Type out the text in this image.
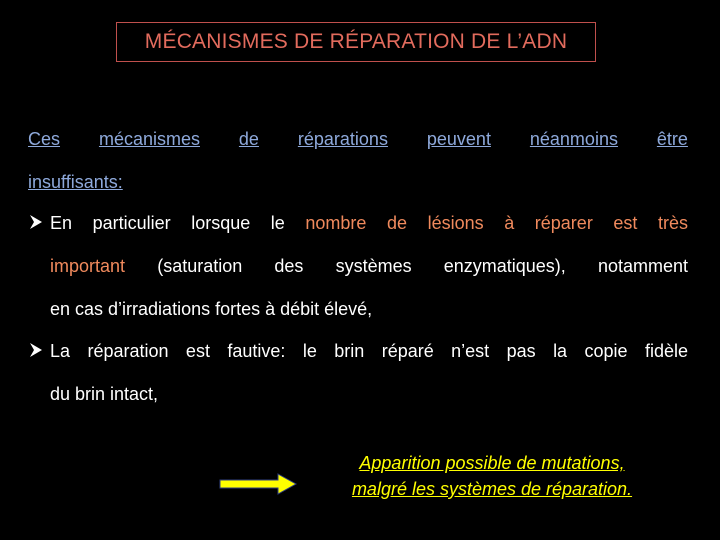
MÉCANISMES DE RÉPARATION DE L’ADN
Ces mécanismes de réparations peuvent néanmoins être
insuffisants:
En particulier lorsque le nombre de lésions à réparer est très
important (saturation des systèmes enzymatiques), notamment
en cas d’irradiations fortes à débit élevé,
La réparation est fautive: le brin réparé n’est pas la copie fidèle
du brin intact,
Apparition possible de mutations,
malgré les systèmes de réparation.
